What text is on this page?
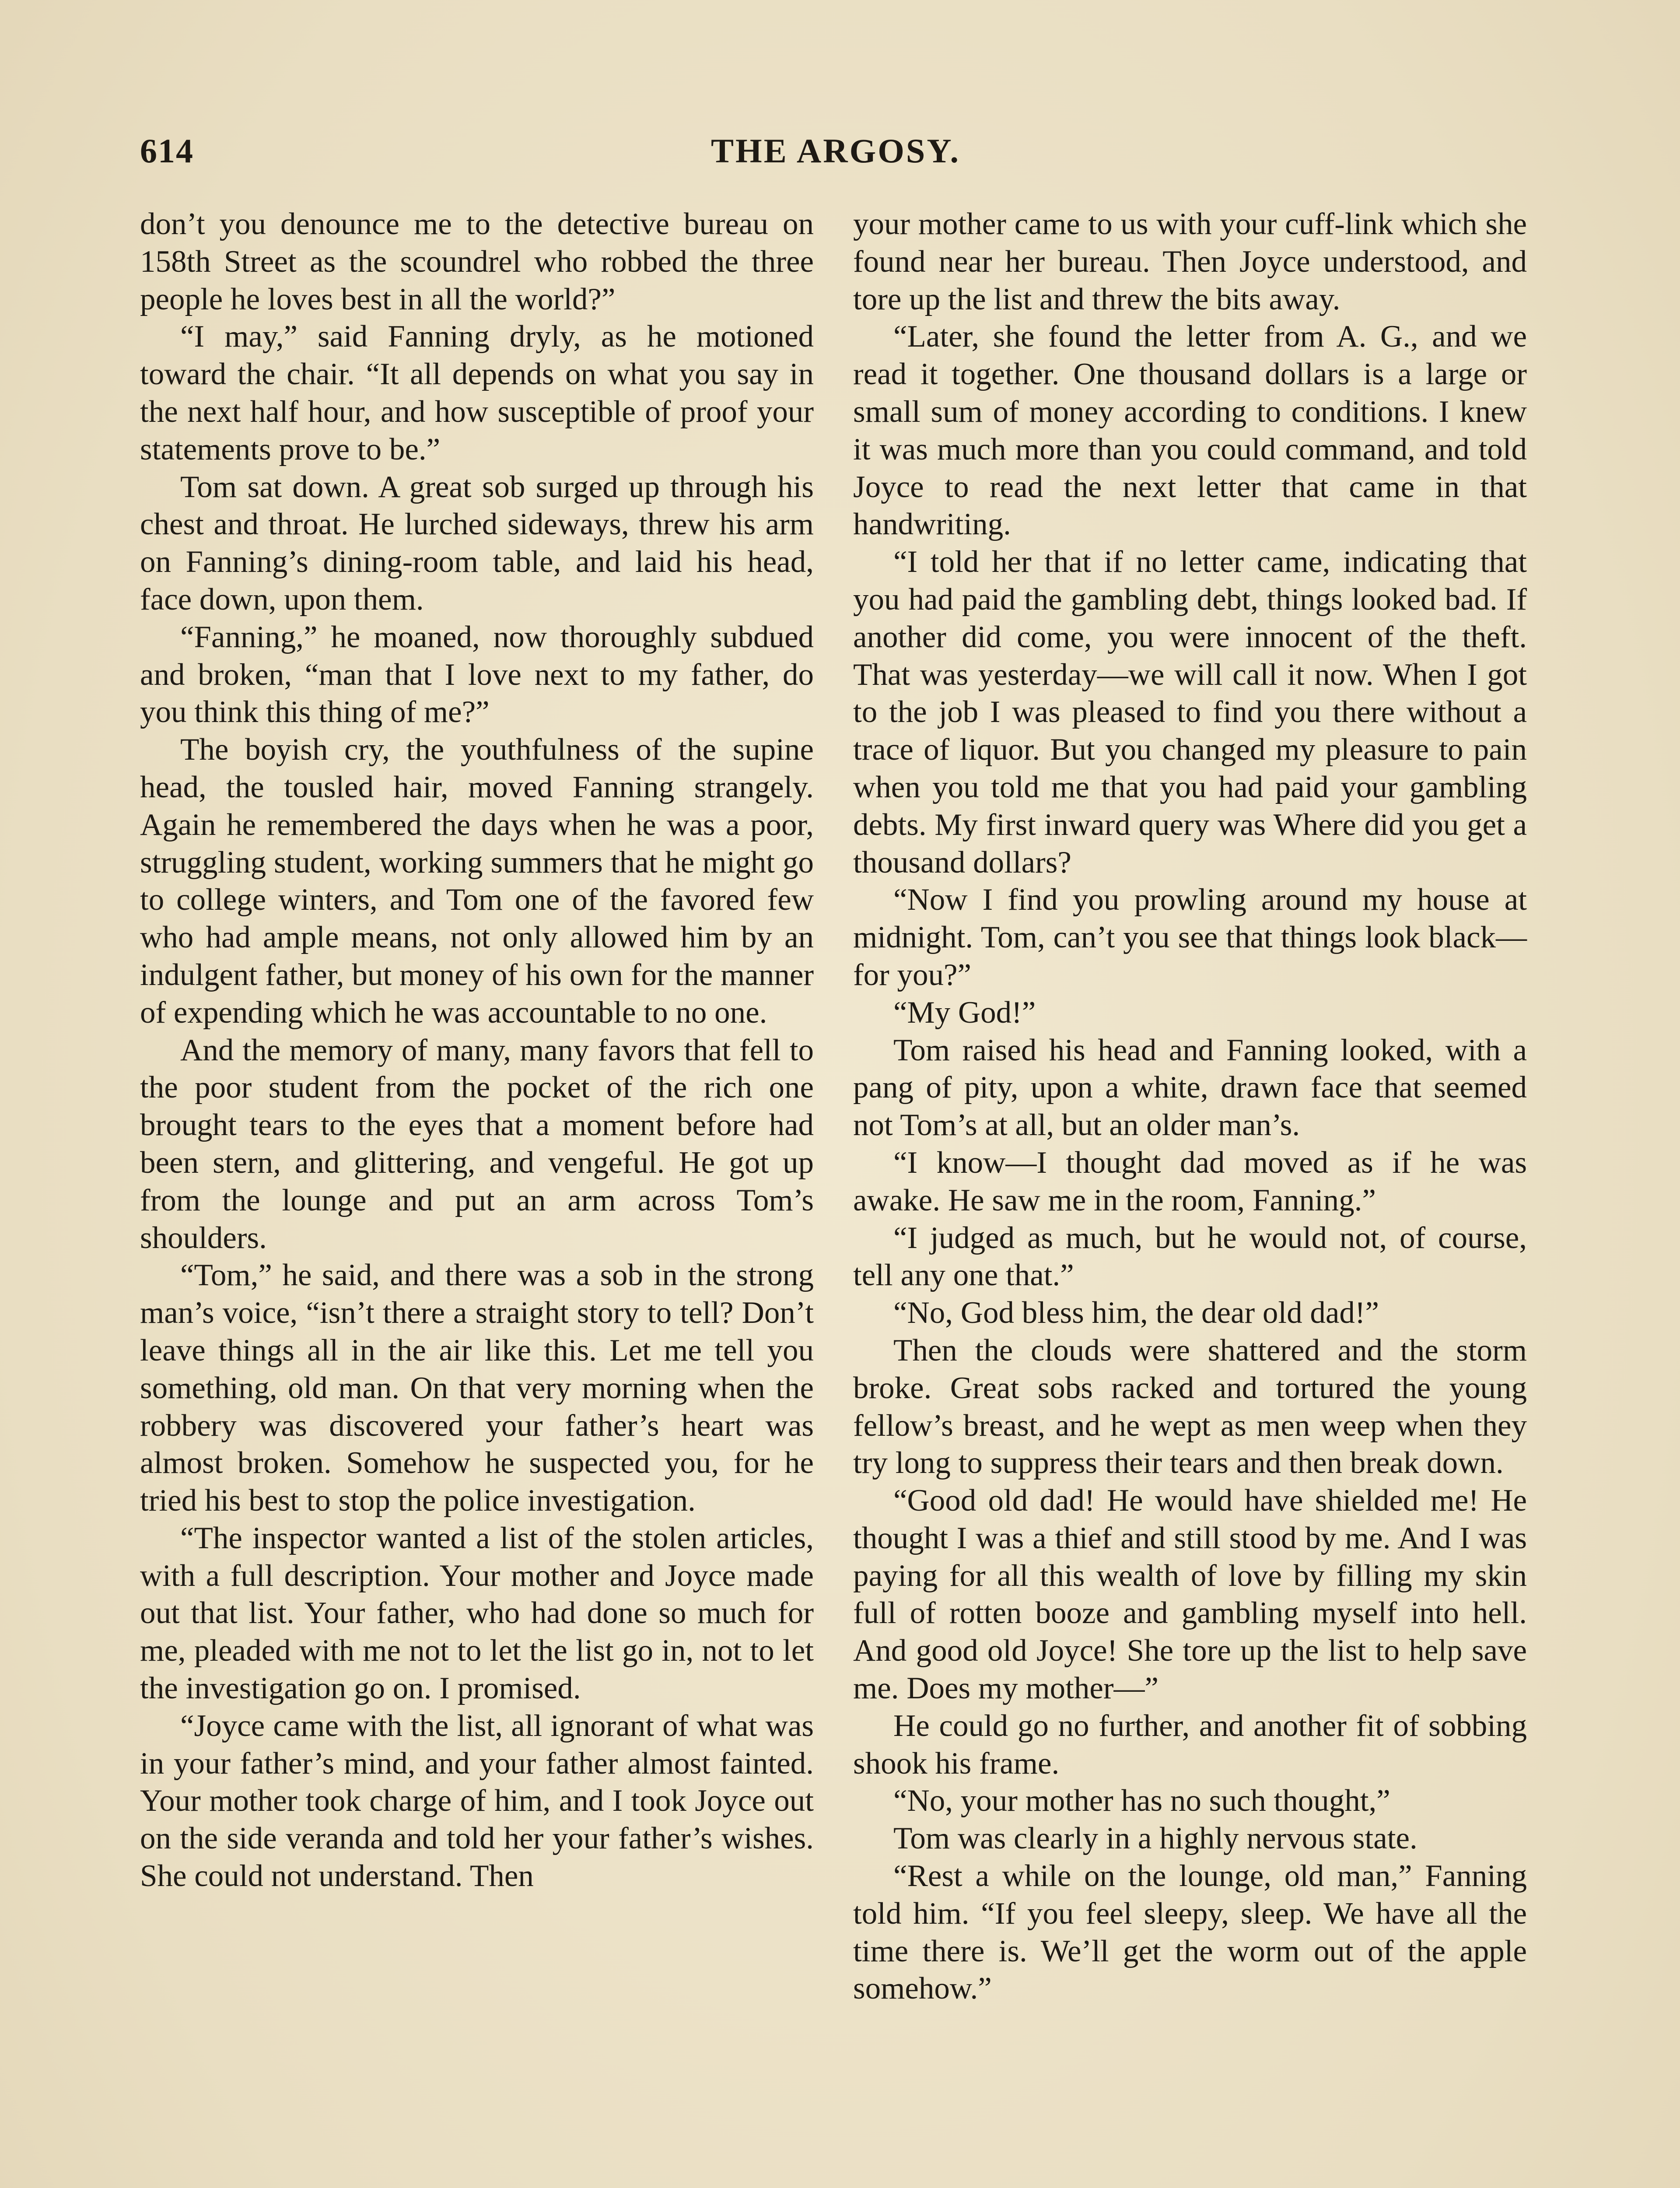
614	THE ARGOSY.

don’t you denounce me to the detective bureau on 158th Street as the scoundrel who robbed the three people he loves best in all the world?”

“I may,” said Fanning dryly, as he motioned toward the chair. “It all depends on what you say in the next half hour, and how susceptible of proof your statements prove to be.”

Tom sat down. A great sob surged up through his chest and throat. He lurched sideways, threw his arm on Fanning’s dining-room table, and laid his head, face down, upon them.

“Fanning,” he moaned, now thoroughly subdued and broken, “man that I love next to my father, do you think this thing of me?”

The boyish cry, the youthfulness of the supine head, the tousled hair, moved Fanning strangely. Again he remembered the days when he was a poor, struggling student, working summers that he might go to college winters, and Tom one of the favored few who had ample means, not only allowed him by an indulgent father, but money of his own for the manner of expending which he was accountable to no one.

And the memory of many, many favors that fell to the poor student from the pocket of the rich one brought tears to the eyes that a moment before had been stern, and glittering, and vengeful. He got up from the lounge and put an arm across Tom’s shoulders.

“Tom,” he said, and there was a sob in the strong man’s voice, “isn’t there a straight story to tell? Don’t leave things all in the air like this. Let me tell you something, old man. On that very morning when the robbery was discovered your father’s heart was almost broken. Somehow he suspected you, for he tried his best to stop the police investigation.

“The inspector wanted a list of the stolen articles, with a full description. Your mother and Joyce made out that list. Your father, who had done so much for me, pleaded with me not to let the list go in, not to let the investigation go on. I promised.

“Joyce came with the list, all ignorant of what was in your father’s mind, and your father almost fainted. Your mother took charge of him, and I took Joyce out on the side veranda and told her your father’s wishes. She could not understand. Then

your mother came to us with your cuff-link which she found near her bureau. Then Joyce understood, and tore up the list and threw the bits away.

“Later, she found the letter from A. G., and we read it together. One thousand dollars is a large or small sum of money according to conditions. I knew it was much more than you could command, and told Joyce to read the next letter that came in that handwriting.

“I told her that if no letter came, indicating that you had paid the gambling debt, things looked bad. If another did come, you were innocent of the theft. That was yesterday—we will call it now. When I got to the job I was pleased to find you there without a trace of liquor. But you changed my pleasure to pain when you told me that you had paid your gambling debts. My first inward query was Where did you get a thousand dollars?

“Now I find you prowling around my house at midnight. Tom, can’t you see that things look black—for you?”

“My God!”

Tom raised his head and Fanning looked, with a pang of pity, upon a white, drawn face that seemed not Tom’s at all, but an older man’s.

“I know—I thought dad moved as if he was awake. He saw me in the room, Fanning.”

“I judged as much, but he would not, of course, tell any one that.”

“No, God bless him, the dear old dad!”

Then the clouds were shattered and the storm broke. Great sobs racked and tortured the young fellow’s breast, and he wept as men weep when they try long to suppress their tears and then break down.

“Good old dad! He would have shielded me! He thought I was a thief and still stood by me. And I was paying for all this wealth of love by filling my skin full of rotten booze and gambling myself into hell. And good old Joyce! She tore up the list to help save me. Does my mother—”

He could go no further, and another fit of sobbing shook his frame.

“No, your mother has no such thought,”

Tom was clearly in a highly nervous state.

“Rest a while on the lounge, old man,” Fanning told him. “If you feel sleepy, sleep. We have all the time there is. We’ll get the worm out of the apple somehow.”
